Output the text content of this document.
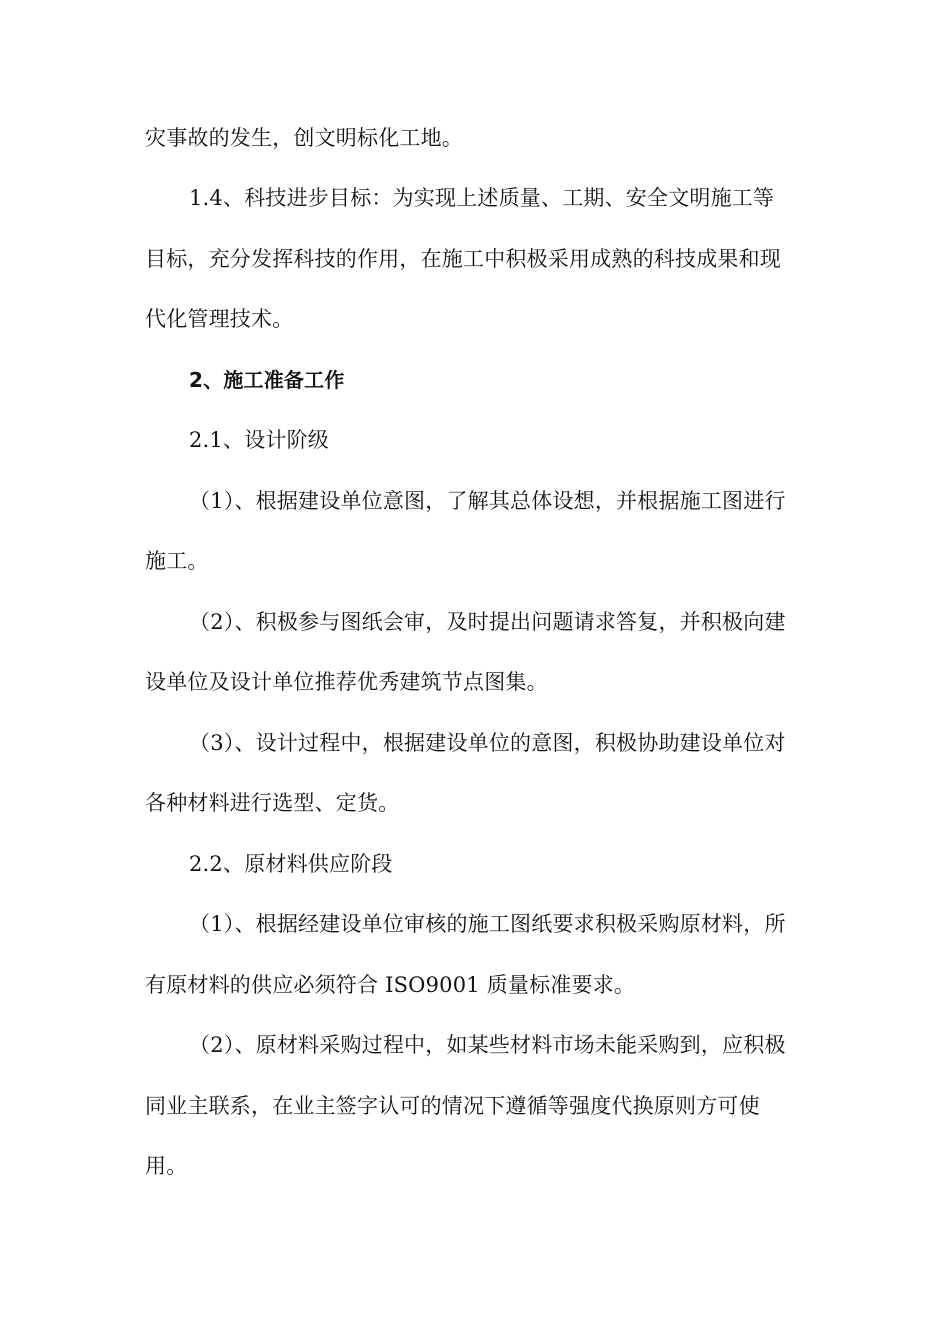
灾事故的发生，创文明标化工地。
1.4、科技进步目标：为实现上述质量、工期、安全文明施工等
目标，充分发挥科技的作用，在施工中积极采用成熟的科技成果和现
代化管理技术。
2、施工准备工作
2.1、设计阶级
（1）、根据建设单位意图，了解其总体设想，并根据施工图进行
施工。
（2）、积极参与图纸会审，及时提出问题请求答复，并积极向建
设单位及设计单位推荐优秀建筑节点图集。
（3）、设计过程中，根据建设单位的意图，积极协助建设单位对
各种材料进行选型、定货。
2.2、原材料供应阶段
（1）、根据经建设单位审核的施工图纸要求积极采购原材料，所
有原材料的供应必须符合 ISO9001 质量标准要求。
（2）、原材料采购过程中，如某些材料市场未能采购到，应积极
同业主联系，在业主签字认可的情况下遵循等强度代换原则方可使
用。
